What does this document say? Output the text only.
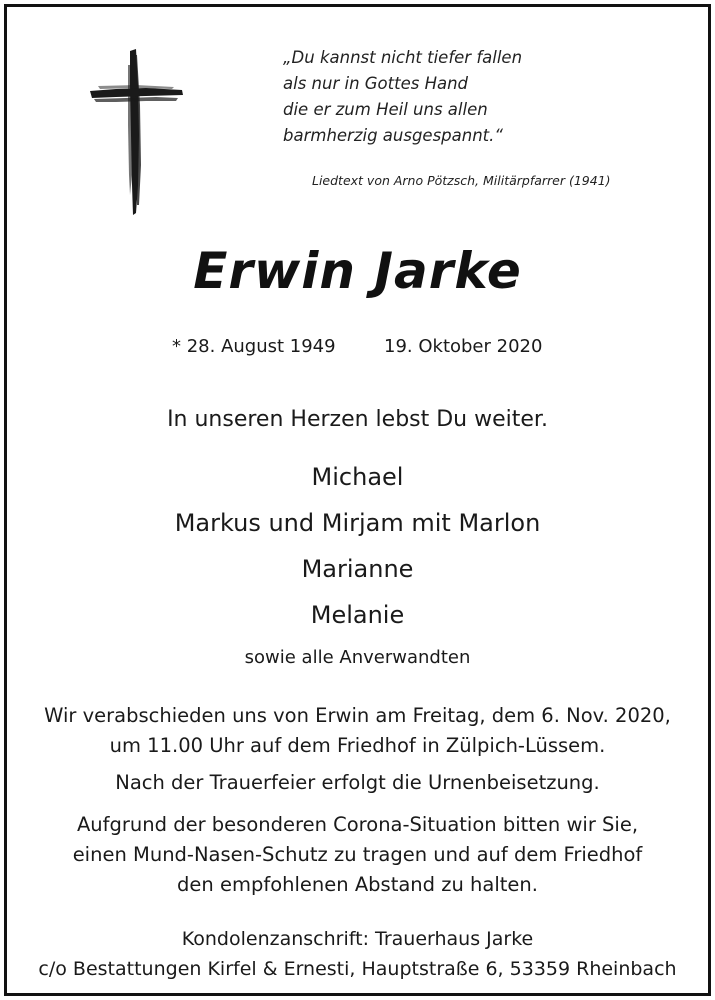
„Du kannst nicht tiefer fallen
als nur in Gottes Hand
die er zum Heil uns allen
barmherzig ausgespannt.“
Liedtext von Arno Pötzsch, Militärpfarrer (1941)
Erwin Jarke
* 28. August 1949	19. Oktober 2020
In unseren Herzen lebst Du weiter.
Michael
Markus und Mirjam mit Marlon
Marianne
Melanie
sowie alle Anverwandten
Wir verabschieden uns von Erwin am Freitag, dem 6. Nov. 2020,
um 11.00 Uhr auf dem Friedhof in Zülpich-Lüssem.
Nach der Trauerfeier erfolgt die Urnenbeisetzung.
Aufgrund der besonderen Corona-Situation bitten wir Sie,
einen Mund-Nasen-Schutz zu tragen und auf dem Friedhof
den empfohlenen Abstand zu halten.
Kondolenzanschrift: Trauerhaus Jarke
c/o Bestattungen Kirfel & Ernesti, Hauptstraße 6, 53359 Rheinbach
